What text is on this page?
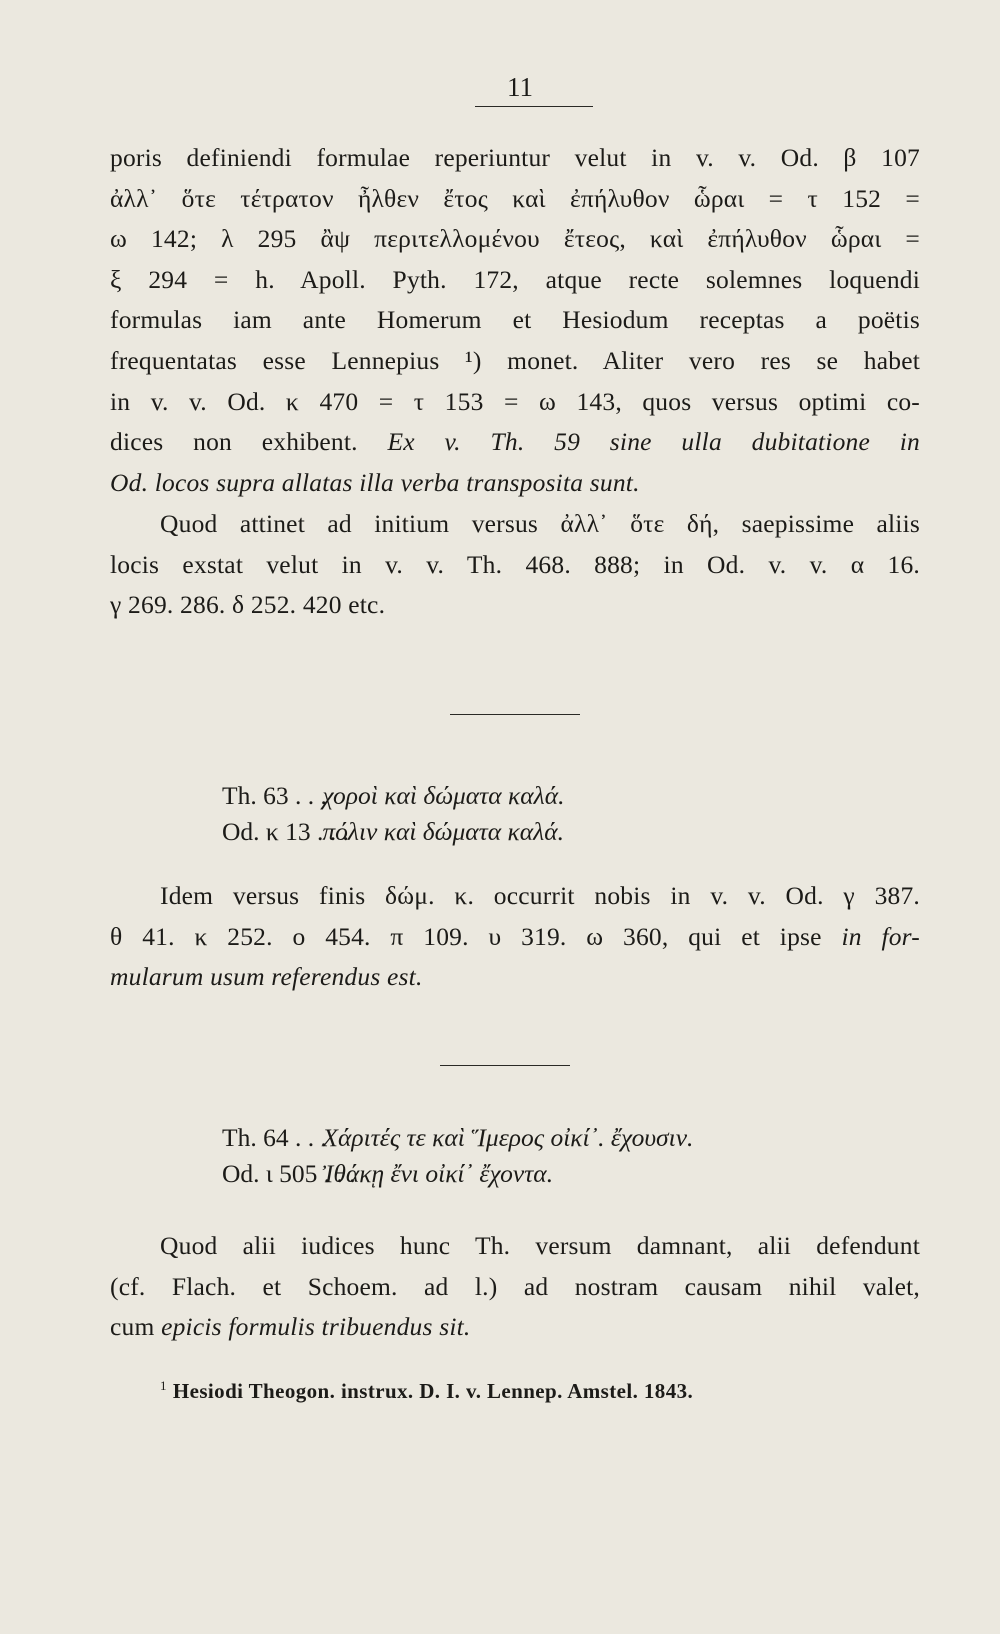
11
poris definiendi formulae reperiuntur velut in v. v. Od. β 107
ἀλλ᾿ ὅτε τέτρατον ἦλθεν ἔτος καὶ ἐπήλυθον ὧραι = τ 152 =
ω 142; λ 295 ἂψ περιτελλομένου ἔτεος, καὶ ἐπήλυθον ὧραι =
ξ 294 = h. Apoll. Pyth. 172, atque recte solemnes loquendi
formulas iam ante Homerum et Hesiodum receptas a poëtis
frequentatas esse Lennepius ¹) monet. Aliter vero res se habet
in v. v. Od. κ 470 = τ 153 = ω 143, quos versus optimi co-
dices non exhibent. Ex v. Th. 59 sine ulla dubitatione in
Od. locos supra allatas illa verba transposita sunt.
Quod attinet ad initium versus ἀλλ᾿ ὅτε δή, saepissime aliis
locis exstat velut in v. v. Th. 468. 888; in Od. v. v. α 16.
γ 269. 286. δ 252. 420 etc.
Th. 63 . . . χοροὶ καὶ δώματα καλά.
Od. κ 13 . . . πόλιν καὶ δώματα καλά.
Idem versus finis δώμ. κ. occurrit nobis in v. v. Od. γ 387.
θ 41. κ 252. ο 454. π 109. υ 319. ω 360, qui et ipse in for-
mularum usum referendus est.
Th. 64 . . . Χάριτές τε καὶ Ἵμερος οἰκί᾿. ἔχουσιν.
Od. ι 505 . . . Ἰθάκῃ ἔνι οἰκί᾿ ἔχοντα.
Quod alii iudices hunc Th. versum damnant, alii defendunt
(cf. Flach. et Schoem. ad l.) ad nostram causam nihil valet,
cum epicis formulis tribuendus sit.
$^1$ Hesiodi Theogon. instrux. D. I. v. Lennep. Amstel. 1843.
